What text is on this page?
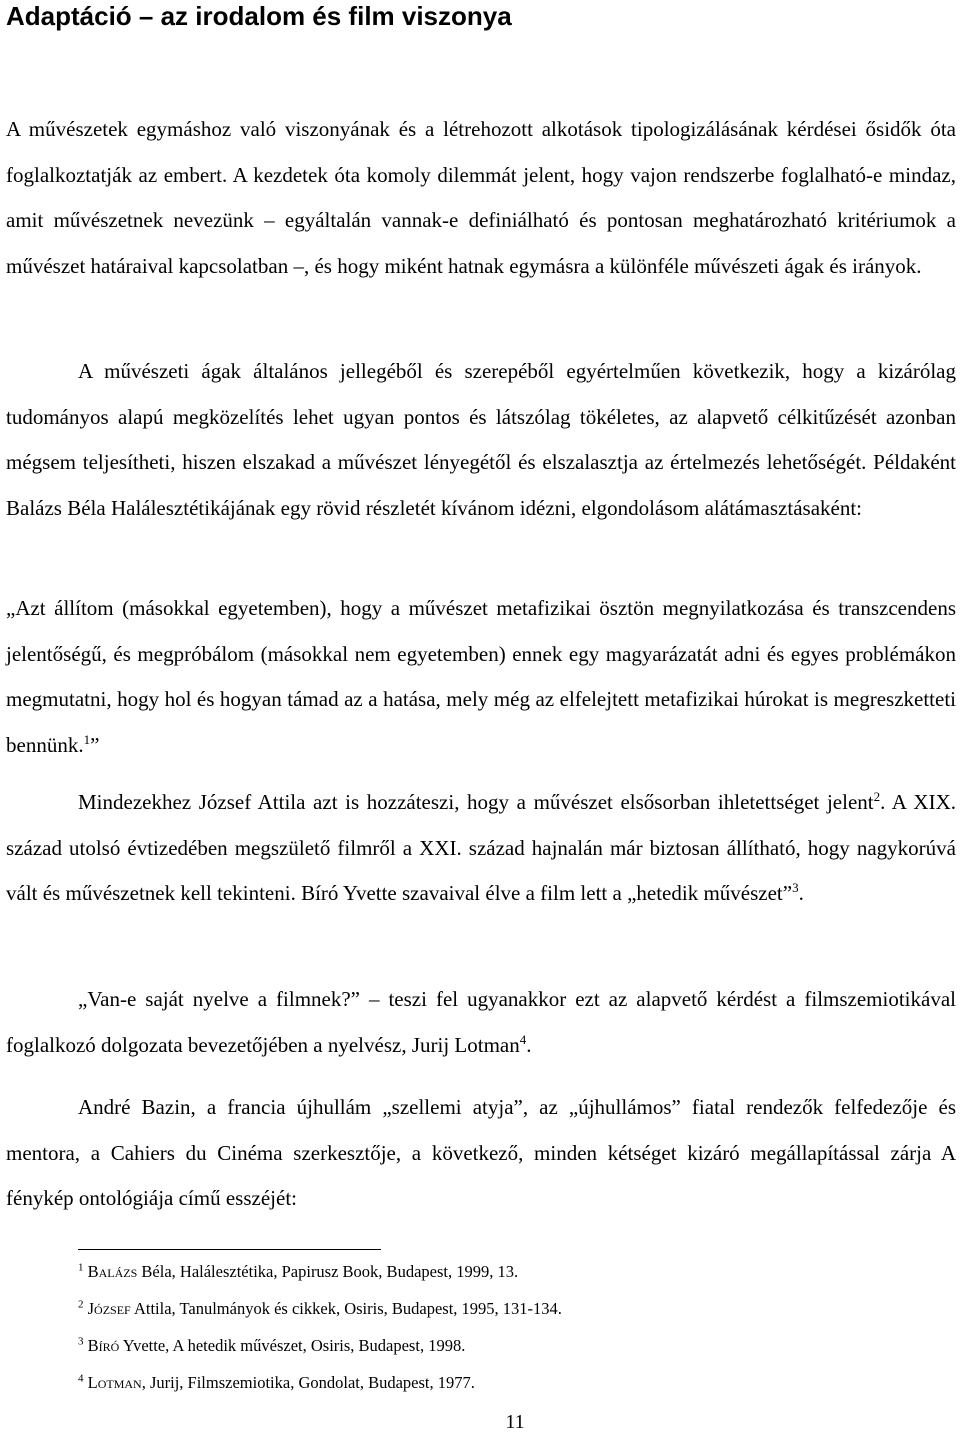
Adaptáció – az irodalom és film viszonya

A művészetek egymáshoz való viszonyának és a létrehozott alkotások tipologizálásának kérdései ősidők óta foglalkoztatják az embert. A kezdetek óta komoly dilemmát jelent, hogy vajon rendszerbe foglalható-e mindaz, amit művészetnek nevezünk – egyáltalán vannak-e definiálható és pontosan meghatározható kritériumok a művészet határaival kapcsolatban –, és hogy miként hatnak egymásra a különféle művészeti ágak és irányok.

A művészeti ágak általános jellegéből és szerepéből egyértelműen következik, hogy a kizárólag tudományos alapú megközelítés lehet ugyan pontos és látszólag tökéletes, az alapvető célkitűzését azonban mégsem teljesítheti, hiszen elszakad a művészet lényegétől és elszalasztja az értelmezés lehetőségét. Példaként Balázs Béla Halálesztétikájának egy rövid részletét kívánom idézni, elgondolásom alátámasztásaként:

„Azt állítom (másokkal egyetemben), hogy a művészet metafizikai ösztön megnyilatkozása és transzcendens jelentőségű, és megpróbálom (másokkal nem egyetemben) ennek egy magyarázatát adni és egyes problémákon megmutatni, hogy hol és hogyan támad az a hatása, mely még az elfelejtett metafizikai húrokat is megreszketteti bennünk.$^1$”

Mindezekhez József Attila azt is hozzáteszi, hogy a művészet elsősorban ihletettséget jelent$^2$. A XIX. század utolsó évtizedében megszülető filmről a XXI. század hajnalán már biztosan állítható, hogy nagykorúvá vált és művészetnek kell tekinteni. Bíró Yvette szavaival élve a film lett a „hetedik művészet”$^3$.

„Van-e saját nyelve a filmnek?” – teszi fel ugyanakkor ezt az alapvető kérdést a filmszemiotikával foglalkozó dolgozata bevezetőjében a nyelvész, Jurij Lotman$^4$.

André Bazin, a francia újhullám „szellemi atyja”, az „újhullámos” fiatal rendezők felfedezője és mentora, a Cahiers du Cinéma szerkesztője, a következő, minden kétséget kizáró megállapítással zárja A fénykép ontológiája című esszéjét:

$^1$ Balázs Béla, Halálesztétika, Papirusz Book, Budapest, 1999, 13.
$^2$ József Attila, Tanulmányok és cikkek, Osiris, Budapest, 1995, 131-134.
$^3$ Bíró Yvette, A hetedik művészet, Osiris, Budapest, 1998.
$^4$ Lotman, Jurij, Filmszemiotika, Gondolat, Budapest, 1977.
11
